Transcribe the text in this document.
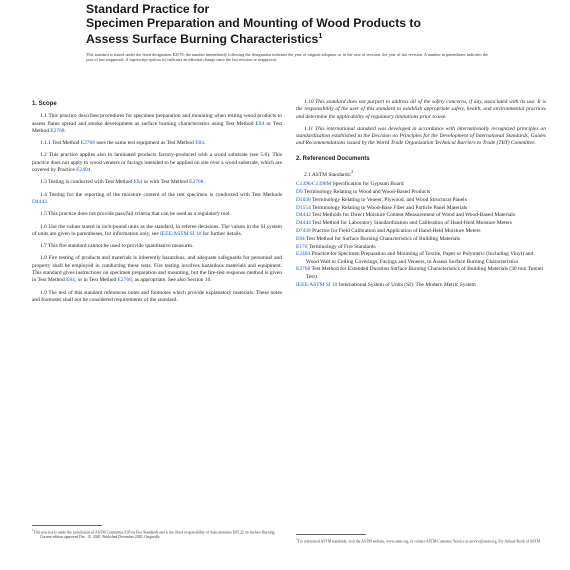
Standard Practice for
Specimen Preparation and Mounting of Wood Products to
Assess Surface Burning Characteristics$^1$
This standard is issued under the fixed designation E2579; the number immediately following the designation indicates the year of original adoption or, in the case of revision, the year of last revision. A number in parentheses indicates the year of last reapproval. A superscript epsilon (ε) indicates an editorial change since the last revision or reapproval.
1. Scope

1.1 This practice describes procedures for specimen preparation and mounting when testing wood products to assess flame spread and smoke development as surface burning characteristics using Test Method E84 or Test Method E2768.

1.1.1 Test Method E2768 uses the same test equipment as Test Method E84.

1.2 This practice applies also to laminated products factory-produced with a wood substrate (see 5.6). This practice does not apply to wood veneers or facings intended to be applied on site over a wood substrate, which are covered by Practice E2404.

1.3 Testing is conducted with Test Method E84 or with Test Method E2768.

1.4 Testing for the reporting of the moisture content of the test specimen is conducted with Test Methods D4442.

1.5 This practice does not provide pass/fail criteria that can be used as a regulatory tool.

1.6 Use the values stated in inch-pound units as the standard, in referee decisions. The values in the SI system of units are given in parentheses, for information only, see IEEE/ASTM SI 10 for further details.

1.7 This fire standard cannot be used to provide quantitative measures.

1.8 Fire testing of products and materials is inherently hazardous, and adequate safeguards for personnel and property shall be employed in conducting these tests. Fire testing involves hazardous materials and equipment. This standard gives instructions on specimen preparation and mounting, but the fire-test-response method is given in Test Method E84, or in Test Method E2768, as appropriate. See also Section 10.

1.9 The text of this standard references notes and footnotes which provide explanatory materials. These notes and footnotes shall not be considered requirements of the standard.

1.10 This standard does not purport to address all of the safety concerns, if any, associated with its use. It is the responsibility of the user of this standard to establish appropriate safety, health, and environmental practices and determine the applicability of regulatory limitations prior to use.

1.11 This international standard was developed in accordance with internationally recognized principles on standardization established in the Decision on Principles for the Development of International Standards, Guides and Recommendations issued by the World Trade Organization Technical Barriers to Trade (TBT) Committee.

2. Referenced Documents

2.1 ASTM Standards:$^2$

C1396/C1396M Specification for Gypsum Board
D9 Terminology Relating to Wood and Wood-Based Products
D1038 Terminology Relating to Veneer, Plywood, and Wood Structural Panels
D1554 Terminology Relating to Wood-Base Fiber and Particle Panel Materials
D4442 Test Methods for Direct Moisture Content Measurement of Wood and Wood-Based Materials
D4444 Test Method for Laboratory Standardization and Calibration of Hand-Held Moisture Meters
D7438 Practice for Field Calibration and Application of Hand-Held Moisture Meters
E84 Test Method for Surface Burning Characteristics of Building Materials
E176 Terminology of Fire Standards
E2404 Practice for Specimen Preparation and Mounting of Textile, Paper or Polymeric (Including Vinyl) and Wood Wall or Ceiling Coverings, Facings and Veneers, to Assess Surface Burning Characteristics
E2768 Test Method for Extended Duration Surface Burning Characteristics of Building Materials (30 min Tunnel Test)
IEEE/ASTM SI 10 International System of Units (SI): The Modern Metric System
$^1$This practice is under the jurisdiction of ASTM Committee E05 on Fire Standards and is the direct responsibility of Subcommittee E05.22 on Surface Burning.
Current edition approved Dec. 15, 2020. Published December 2020. Originally	$^2$For referenced ASTM standards, visit the ASTM website, www.astm.org, or contact ASTM Customer Service at service@astm.org. For Annual Book of ASTM
